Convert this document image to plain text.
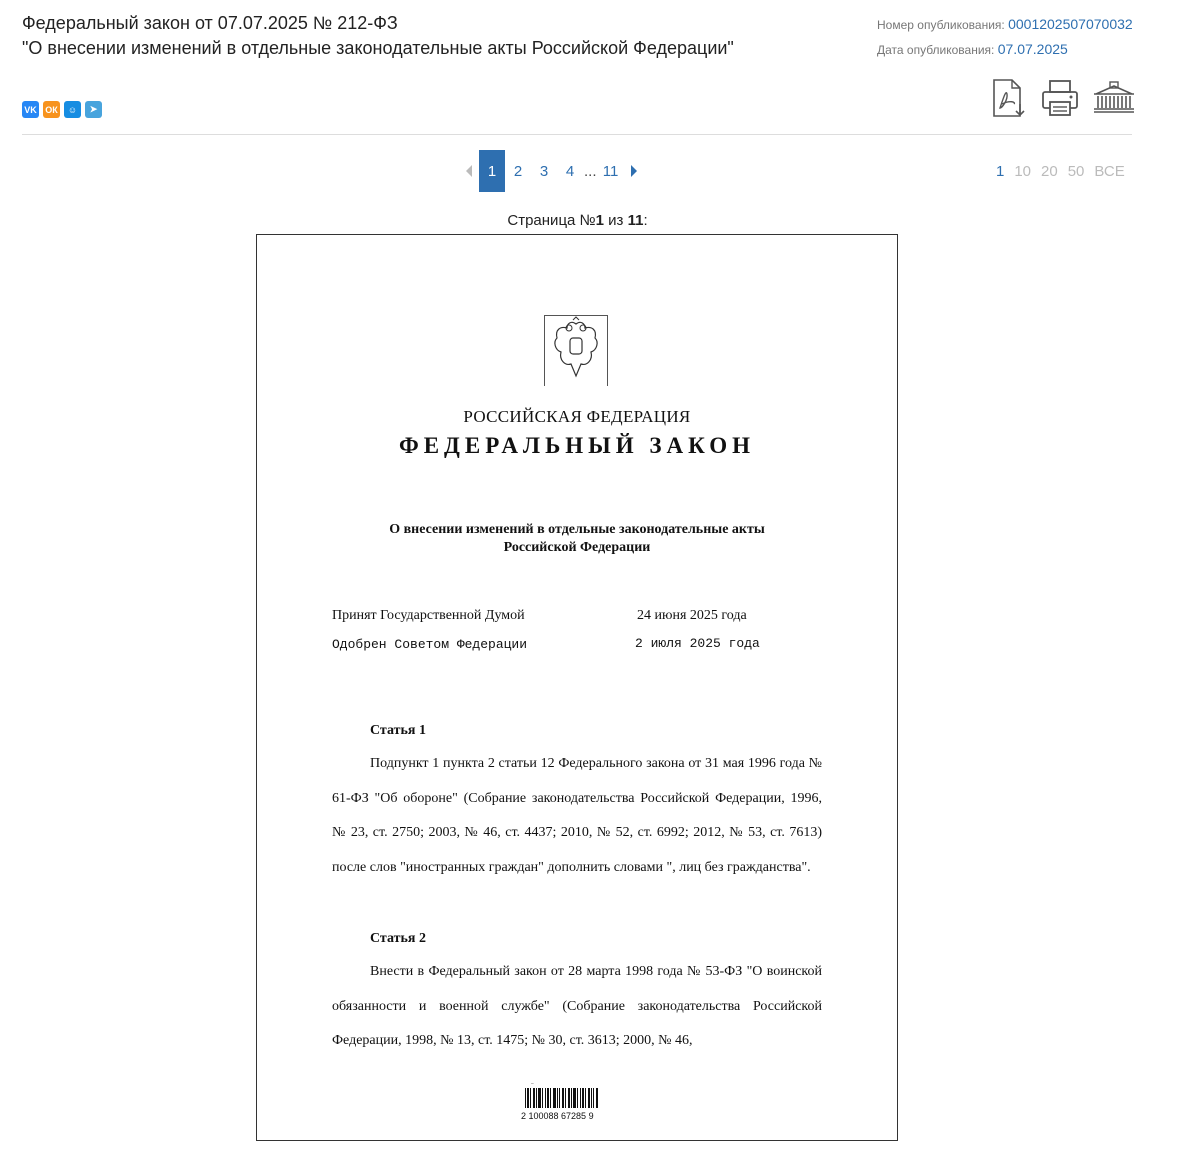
Федеральный закон от 07.07.2025 № 212-ФЗ
"О внесении изменений в отдельные законодательные акты Российской Федерации"
Номер опубликования: 0001202507070032
Дата опубликования: 07.07.2025
VK ОК	☺	➤
1	2	3	4 ... 11	1 10 20 50 ВСЕ
Страница №1 из 11:
РОССИЙСКАЯ ФЕДЕРАЦИЯ
ФЕДЕРАЛЬНЫЙ ЗАКОН
О внесении изменений в отдельные законодательные акты
Российской Федерации
Принят Государственной Думой	24 июня 2025 года
Одобрен Советом Федерации	2 июля 2025 года
Статья 1
Подпункт 1 пункта 2 статьи 12 Федерального закона от 31 мая 1996 года № 61-ФЗ "Об обороне" (Собрание законодательства Российской Федерации, 1996, № 23, ст. 2750; 2003, № 46, ст. 4437; 2010, № 52, ст. 6992; 2012, № 53, ст. 7613) после слов "иностранных граждан" дополнить словами ", лиц без гражданства".
Статья 2
Внести в Федеральный закон от 28 марта 1998 года № 53-ФЗ "О воинской обязанности и военной службе" (Собрание законодательства Российской Федерации, 1998, № 13, ст. 1475; № 30, ст. 3613; 2000, № 46,
~
2 100088 67285 9
